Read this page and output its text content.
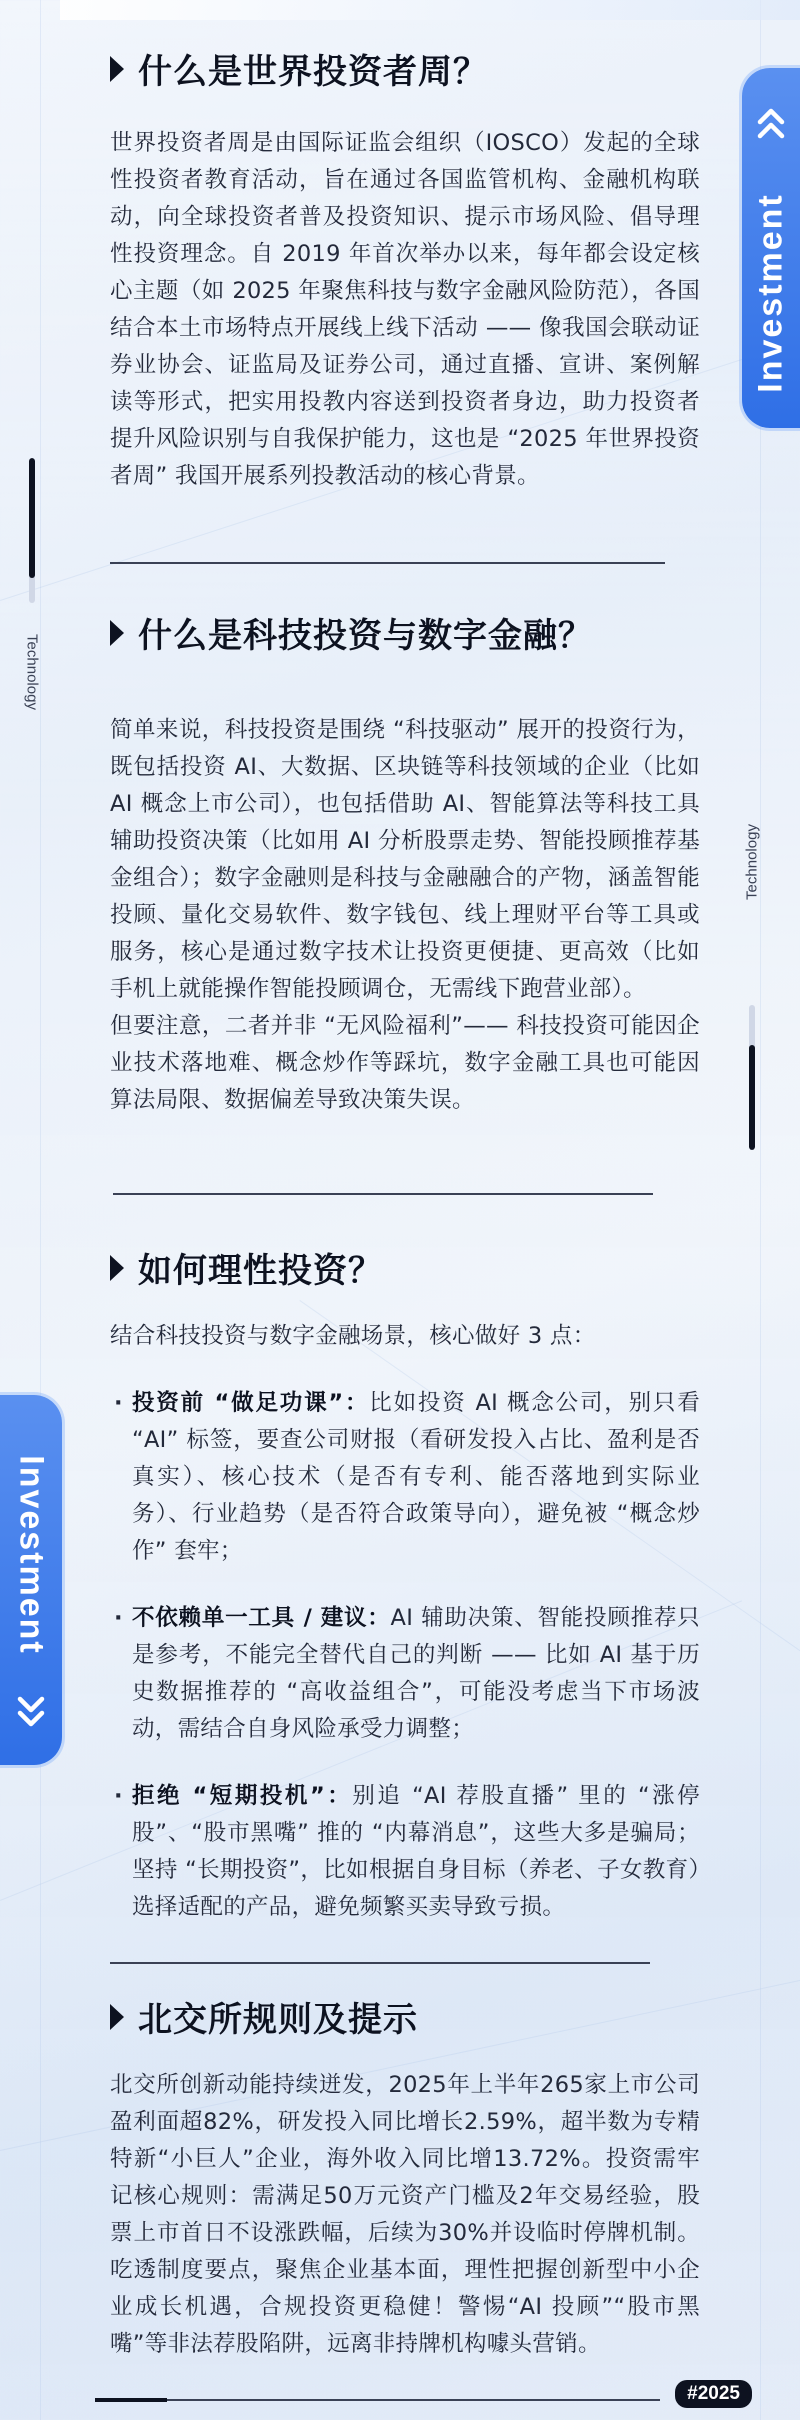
Investment
Investment
Technology
Technology
什么是世界投资者周？

世界投资者周是由国际证监会组织（IOSCO）发起的全球性投资者教育活动，旨在通过各国监管机构、金融机构联动，向全球投资者普及投资知识、提示市场风险、倡导理性投资理念。自 2019 年首次举办以来，每年都会设定核心主题（如 2025 年聚焦科技与数字金融风险防范），各国结合本土市场特点开展线上线下活动 —— 像我国会联动证券业协会、证监局及证券公司，通过直播、宣讲、案例解读等形式，把实用投教内容送到投资者身边，助力投资者提升风险识别与自我保护能力，这也是 “2025 年世界投资者周” 我国开展系列投教活动的核心背景。

什么是科技投资与数字金融？

简单来说，科技投资是围绕 “科技驱动” 展开的投资行为，既包括投资 AI、大数据、区块链等科技领域的企业（比如 AI 概念上市公司），也包括借助 AI、智能算法等科技工具辅助投资决策（比如用 AI 分析股票走势、智能投顾推荐基金组合）；数字金融则是科技与金融融合的产物，涵盖智能投顾、量化交易软件、数字钱包、线上理财平台等工具或服务，核心是通过数字技术让投资更便捷、更高效（比如手机上就能操作智能投顾调仓，无需线下跑营业部）。

但要注意，二者并非 “无风险福利”—— 科技投资可能因企业技术落地难、概念炒作等踩坑，数字金融工具也可能因算法局限、数据偏差导致决策失误。

如何理性投资？

结合科技投资与数字金融场景，核心做好 3 点：

· 投资前 “做足功课”：比如投资 AI 概念公司，别只看 “AI” 标签，要查公司财报（看研发投入占比、盈利是否真实）、核心技术（是否有专利、能否落地到实际业务）、行业趋势（是否符合政策导向），避免被 “概念炒作” 套牢；
· 不依赖单一工具 / 建议：AI 辅助决策、智能投顾推荐只是参考，不能完全替代自己的判断 —— 比如 AI 基于历史数据推荐的 “高收益组合”，可能没考虑当下市场波动，需结合自身风险承受力调整；
· 拒绝 “短期投机”：别追 “AI 荐股直播” 里的 “涨停股”、“股市黑嘴” 推的 “内幕消息”，这些大多是骗局；坚持 “长期投资”，比如根据自身目标（养老、子女教育）选择适配的产品，避免频繁买卖导致亏损。
北交所规则及提示

北交所创新动能持续迸发，2025年上半年265家上市公司盈利面超82%，研发投入同比增长2.59%，超半数为专精特新“小巨人”企业，海外收入同比增13.72%。投资需牢记核心规则：需满足50万元资产门槛及2年交易经验，股票上市首日不设涨跌幅，后续为30%并设临时停牌机制。吃透制度要点，聚焦企业基本面，理性把握创新型中小企业成长机遇，合规投资更稳健！警惕“AI 投顾”“股市黑嘴”等非法荐股陷阱，远离非持牌机构噱头营销。

#2025
